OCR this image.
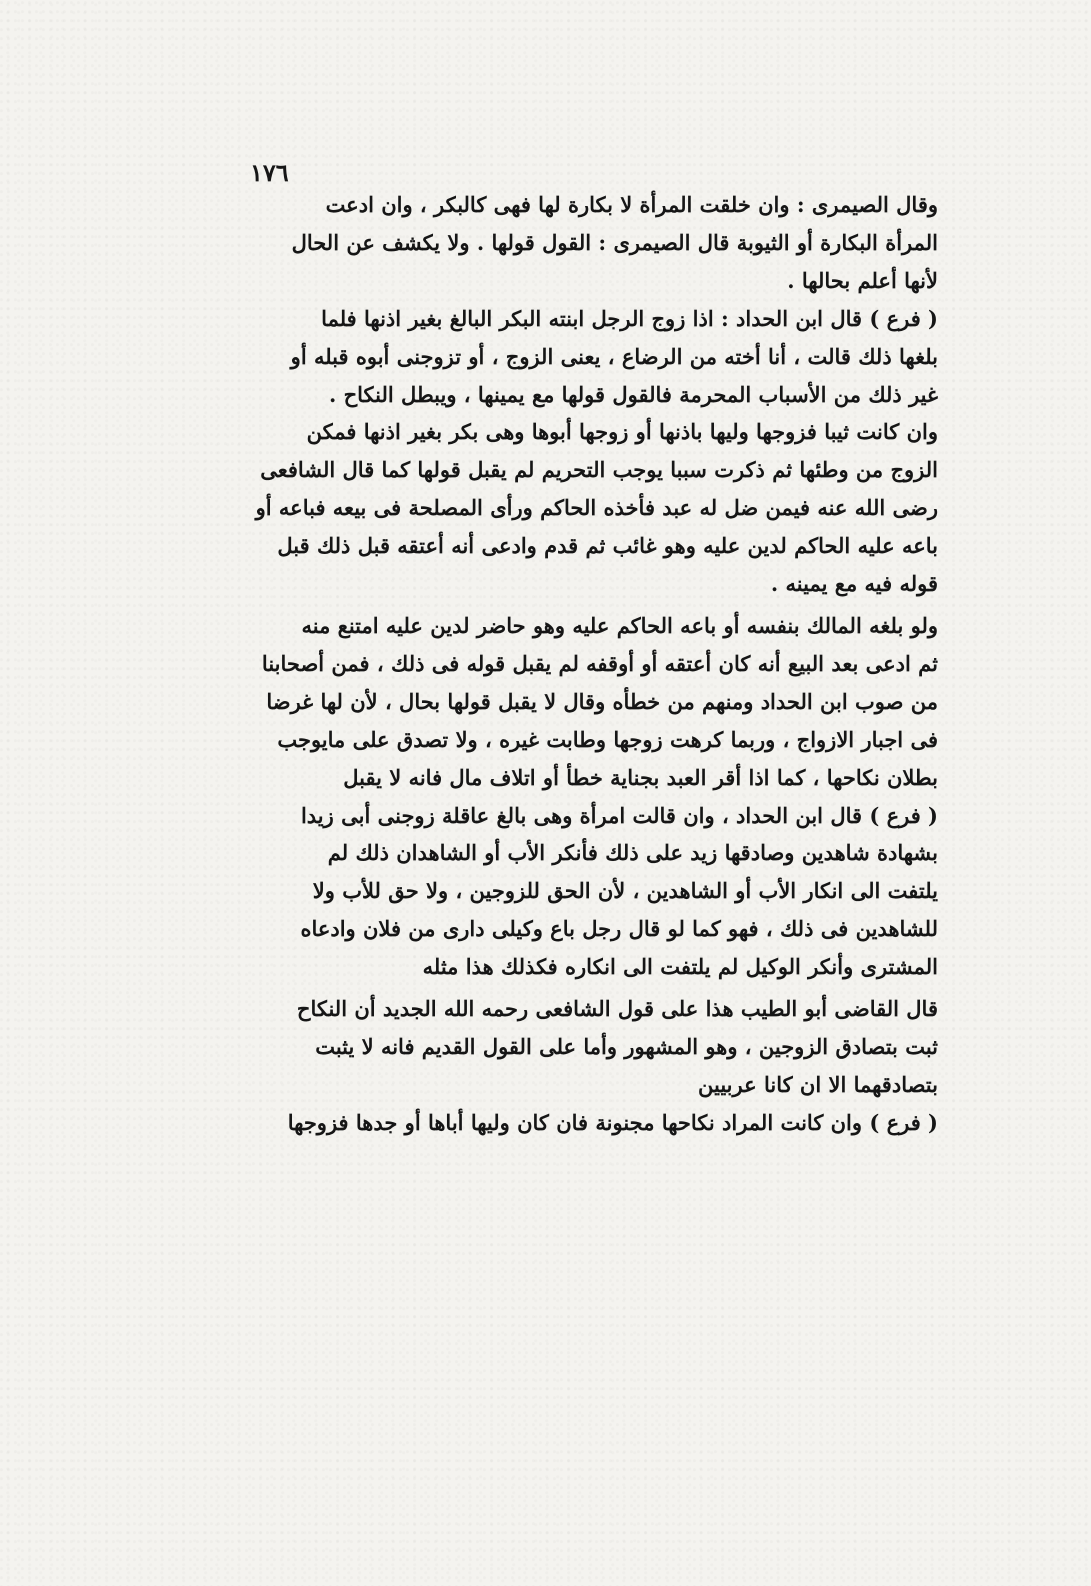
١٧٦
وقال الصيمرى : وان خلقت المرأة لا بكارة لها فهى كالبكر ، وان ادعت
المرأة البكارة أو الثيوبة قال الصيمرى : القول قولها . ولا يكشف عن الحال
لأنها أعلم بحالها .
( فرع ) قال ابن الحداد : اذا زوج الرجل ابنته البكر البالغ بغير اذنها فلما
بلغها ذلك قالت ، أنا أخته من الرضاع ، يعنى الزوج ، أو تزوجنى أبوه قبله أو
غير ذلك من الأسباب المحرمة فالقول قولها مع يمينها ، ويبطل النكاح .
وان كانت ثيبا فزوجها وليها باذنها أو زوجها أبوها وهى بكر بغير اذنها فمكن
الزوج من وطئها ثم ذكرت سببا يوجب التحريم لم يقبل قولها كما قال الشافعى
رضى الله عنه فيمن ضل له عبد فأخذه الحاكم ورأى المصلحة فى بيعه فباعه أو
باعه عليه الحاكم لدين عليه وهو غائب ثم قدم وادعى أنه أعتقه قبل ذلك قبل
قوله فيه مع يمينه .
ولو بلغه المالك بنفسه أو باعه الحاكم عليه وهو حاضر لدين عليه امتنع منه
ثم ادعى بعد البيع أنه كان أعتقه أو أوقفه لم يقبل قوله فى ذلك ، فمن أصحابنا
من صوب ابن الحداد ومنهم من خطأه وقال لا يقبل قولها بحال ، لأن لها غرضا
فى اجبار الازواج ، وربما كرهت زوجها وطابت غيره ، ولا تصدق على مايوجب
بطلان نكاحها ، كما اذا أقر العبد بجناية خطأ أو اتلاف مال فانه لا يقبل
( فرع ) قال ابن الحداد ، وان قالت امرأة وهى بالغ عاقلة زوجنى أبى زيدا
بشهادة شاهدين وصادقها زيد على ذلك فأنكر الأب أو الشاهدان ذلك لم
يلتفت الى انكار الأب أو الشاهدين ، لأن الحق للزوجين ، ولا حق للأب ولا
للشاهدين فى ذلك ، فهو كما لو قال رجل باع وكيلى دارى من فلان وادعاه
المشترى وأنكر الوكيل لم يلتفت الى انكاره فكذلك هذا مثله
قال القاضى أبو الطيب هذا على قول الشافعى رحمه الله الجديد أن النكاح
ثبت بتصادق الزوجين ، وهو المشهور وأما على القول القديم فانه لا يثبت
بتصادقهما الا ان كانا عربيين
( فرع ) وان كانت المراد نكاحها مجنونة فان كان وليها أباها أو جدها فزوجها
